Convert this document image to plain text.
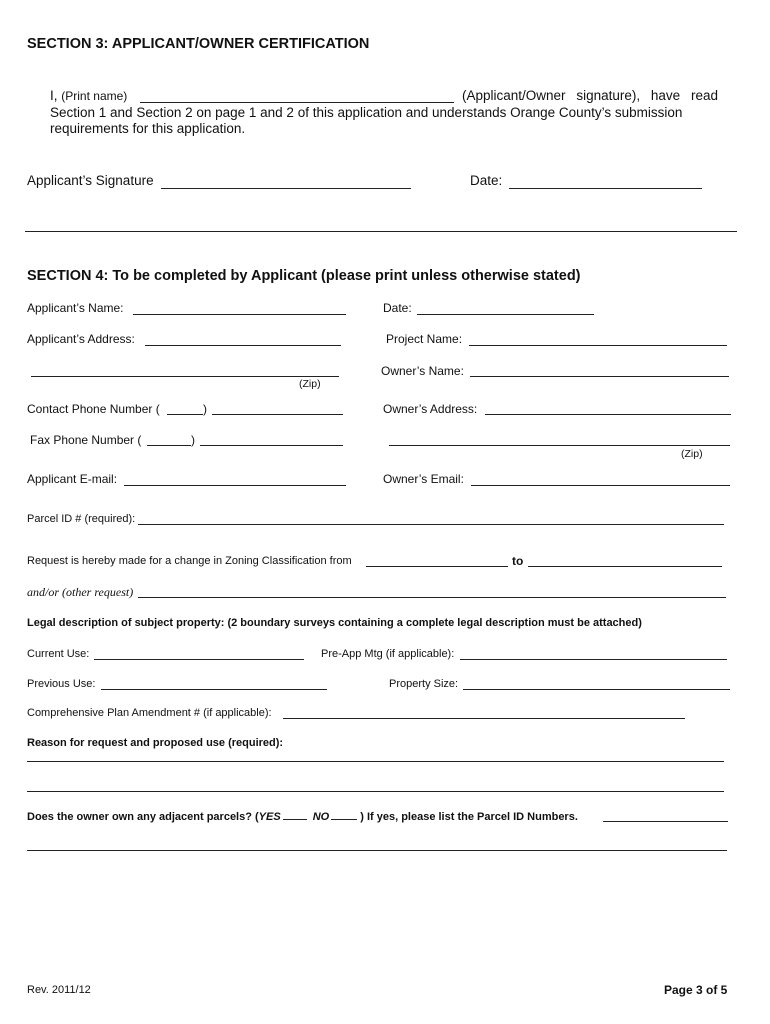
SECTION 3: APPLICANT/OWNER CERTIFICATION
I, (Print name)	(Applicant/Owner signature), have read
Section 1 and Section 2 on page 1 and 2 of this application and understands Orange County’s submission
requirements for this application.
Applicant’s Signature	Date:
SECTION 4: To be completed by Applicant (please print unless otherwise stated)
Applicant’s Name:	Date:
Applicant’s Address:	Project Name:
(Zip)
Owner’s Name:
Contact Phone Number (	)	Owner’s Address:
Fax Phone Number (	)
(Zip)
Applicant E-mail:	Owner’s Email:
Parcel ID # (required):
Request is hereby made for a change in Zoning Classification from	to
and/or (other request)
Legal description of subject property: (2 boundary surveys containing a complete legal description must be attached)
Current Use:	Pre-App Mtg (if applicable):
Previous Use:	Property Size:
Comprehensive Plan Amendment # (if applicable):
Reason for request and proposed use (required):
Does the owner own any adjacent parcels? (YES	NO	) If yes, please list the Parcel ID Numbers.
Rev. 2011/12	Page 3 of 5
